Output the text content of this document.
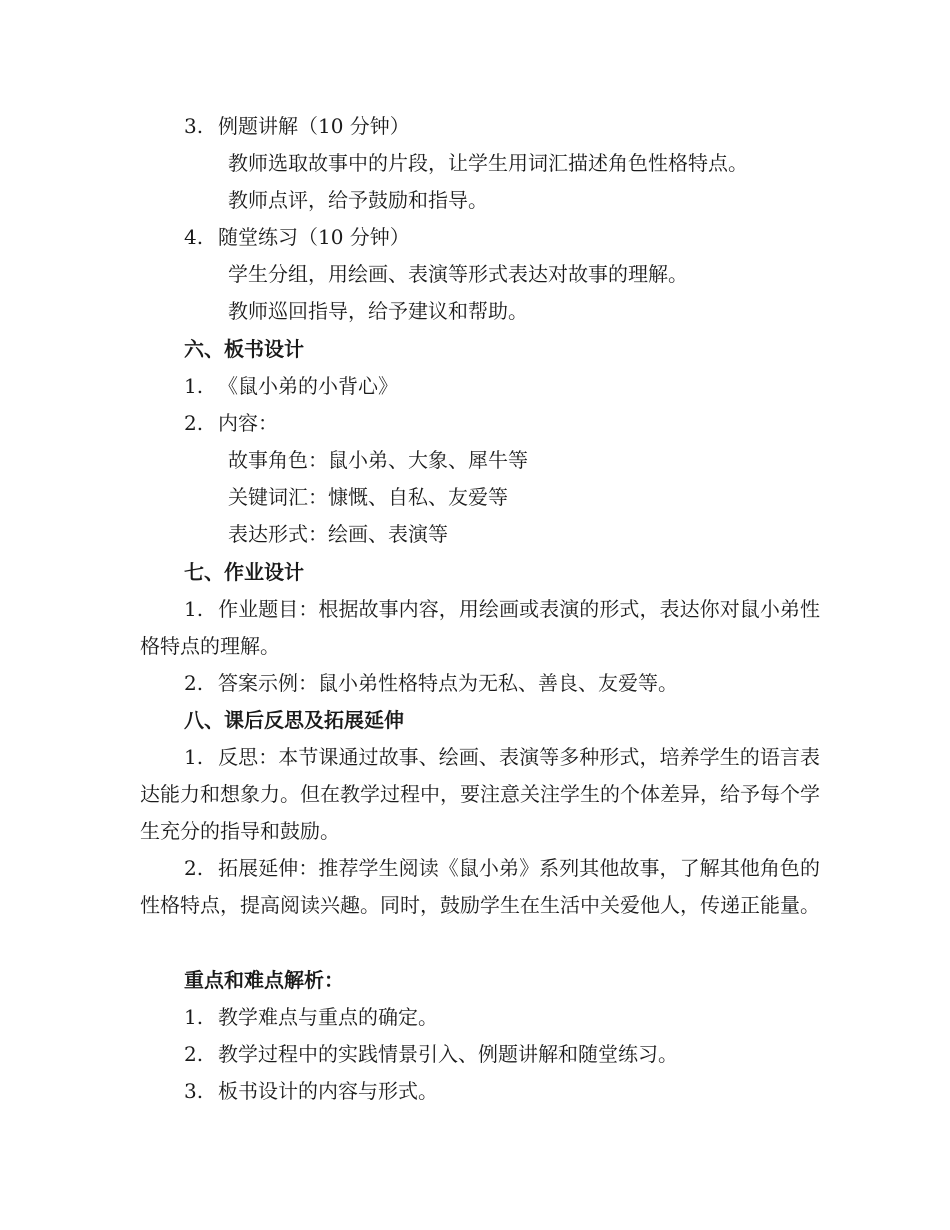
3. 例题讲解（10 分钟）
教师选取故事中的片段，让学生用词汇描述角色性格特点。
教师点评，给予鼓励和指导。
4. 随堂练习（10 分钟）
学生分组，用绘画、表演等形式表达对故事的理解。
教师巡回指导，给予建议和帮助。
六、板书设计
1. 《鼠小弟的小背心》
2. 内容：
故事角色：鼠小弟、大象、犀牛等
关键词汇：慷慨、自私、友爱等
表达形式：绘画、表演等
七、作业设计
1. 作业题目：根据故事内容，用绘画或表演的形式，表达你对鼠小弟性格特点的理解。
2. 答案示例：鼠小弟性格特点为无私、善良、友爱等。
八、课后反思及拓展延伸
1. 反思：本节课通过故事、绘画、表演等多种形式，培养学生的语言表达能力和想象力。但在教学过程中，要注意关注学生的个体差异，给予每个学生充分的指导和鼓励。
2. 拓展延伸：推荐学生阅读《鼠小弟》系列其他故事，了解其他角色的性格特点，提高阅读兴趣。同时，鼓励学生在生活中关爱他人，传递正能量。
重点和难点解析：
1. 教学难点与重点的确定。
2. 教学过程中的实践情景引入、例题讲解和随堂练习。
3. 板书设计的内容与形式。
